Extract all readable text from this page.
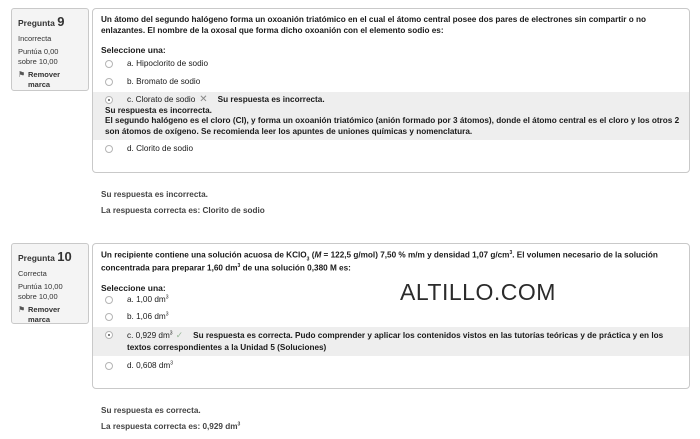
Pregunta 9
Incorrecta
Puntúa 0,00
sobre 10,00
⚑ Remover
marca
Un átomo del segundo halógeno forma un oxoanión triatómico en el cual el átomo central posee dos pares de electrones sin compartir o no enlazantes. El nombre de la oxosal que forma dicho oxoanión con el elemento sodio es:
Seleccione una:
a. Hipoclorito de sodio
b. Bromato de sodio
c. Clorato de sodio ✕ Su respuesta es incorrecta.
Su respuesta es incorrecta.
El segundo halógeno es el cloro (Cl), y forma un oxoanión triatómico (anión formado por 3 átomos), donde el átomo central es el cloro y los otros 2 son átomos de oxígeno. Se recomienda leer los apuntes de uniones químicas y nomenclatura.
d. Clorito de sodio
Su respuesta es incorrecta.
La respuesta correcta es: Clorito de sodio
Pregunta 10
Correcta
Puntúa 10,00
sobre 10,00
⚑ Remover
marca
Un recipiente contiene una solución acuosa de KClO$_3$ (M = 122,5 g/mol) 7,50 % m/m y densidad 1,07 $g/cm^3$. El volumen necesario de la solución concentrada para preparar 1,60 $dm^3$ de una solución 0,380 M es:
Seleccione una:
a. 1,00 $dm^3$
b. 1,06 $dm^3$
c. 0,929 $dm^3$ ✓ Su respuesta es correcta. Pudo comprender y aplicar los contenidos vistos en las tutorías teóricas y de práctica y en los textos correspondientes a la Unidad 5 (Soluciones)
d. 0,608 $dm^3$
ALTILLO.COM
Su respuesta es correcta.
La respuesta correcta es: 0,929 $dm^3$
